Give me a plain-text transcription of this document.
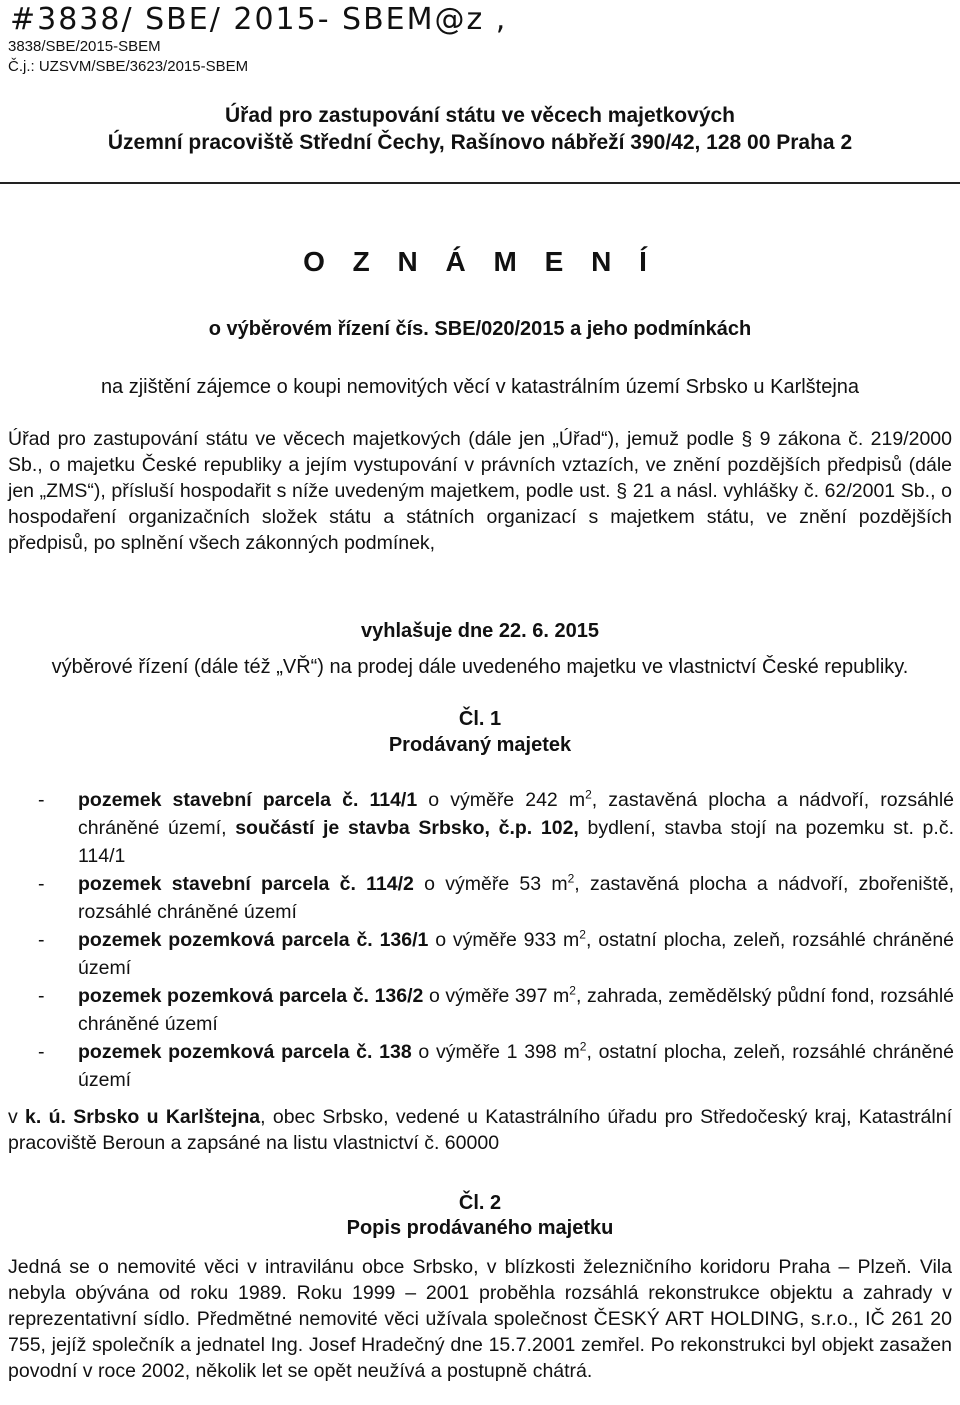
#3838/ SBE/ 2015- SBEM@z ,
3838/SBE/2015-SBEM
Č.j.: UZSVM/SBE/3623/2015-SBEM
Úřad pro zastupování státu ve věcech majetkových
Územní pracoviště Střední Čechy, Rašínovo nábřeží 390/42, 128 00 Praha 2
O Z N Á M E N Í
o výběrovém řízení čís. SBE/020/2015 a jeho podmínkách
na zjištění zájemce o koupi nemovitých věcí v katastrálním území Srbsko u Karlštejna
Úřad pro zastupování státu ve věcech majetkových (dále jen „Úřad“), jemuž podle § 9 zákona č. 219/2000 Sb., o majetku České republiky a jejím vystupování v právních vztazích, ve znění pozdějších předpisů (dále jen „ZMS“), přísluší hospodařit s níže uvedeným majetkem, podle ust. § 21 a násl. vyhlášky č. 62/2001 Sb., o hospodaření organizačních složek státu a státních organizací s majetkem státu, ve znění pozdějších předpisů, po splnění všech zákonných podmínek,
vyhlašuje dne 22. 6. 2015
výběrové řízení (dále též „VŘ“) na prodej dále uvedeného majetku ve vlastnictví České republiky.
Čl. 1
Prodávaný majetek
- pozemek stavební parcela č. 114/1 o výměře 242 $m^2$, zastavěná plocha a nádvoří, rozsáhlé chráněné území, součástí je stavba Srbsko, č.p. 102, bydlení, stavba stojí na pozemku st. p.č. 114/1
- pozemek stavební parcela č. 114/2 o výměře 53 $m^2$, zastavěná plocha a nádvoří, zbořeniště, rozsáhlé chráněné území
- pozemek pozemková parcela č. 136/1 o výměře 933 $m^2$, ostatní plocha, zeleň, rozsáhlé chráněné území
- pozemek pozemková parcela č. 136/2 o výměře 397 $m^2$, zahrada, zemědělský půdní fond, rozsáhlé chráněné území
- pozemek pozemková parcela č. 138 o výměře 1 398 $m^2$, ostatní plocha, zeleň, rozsáhlé chráněné území
v k. ú. Srbsko u Karlštejna, obec Srbsko, vedené u Katastrálního úřadu pro Středočeský kraj, Katastrální pracoviště Beroun a zapsáné na listu vlastnictví č. 60000
Čl. 2
Popis prodávaného majetku
Jedná se o nemovité věci v intravilánu obce Srbsko, v blízkosti železničního koridoru Praha – Plzeň. Vila nebyla obývána od roku 1989. Roku 1999 – 2001 proběhla rozsáhlá rekonstrukce objektu a zahrady v reprezentativní sídlo. Předmětné nemovité věci užívala společnost ČESKÝ ART HOLDING, s.r.o., IČ 261 20 755, jejíž společník a jednatel Ing. Josef Hradečný dne 15.7.2001 zemřel. Po rekonstrukci byl objekt zasažen povodní v roce 2002, několik let se opět neužívá a postupně chátrá.
